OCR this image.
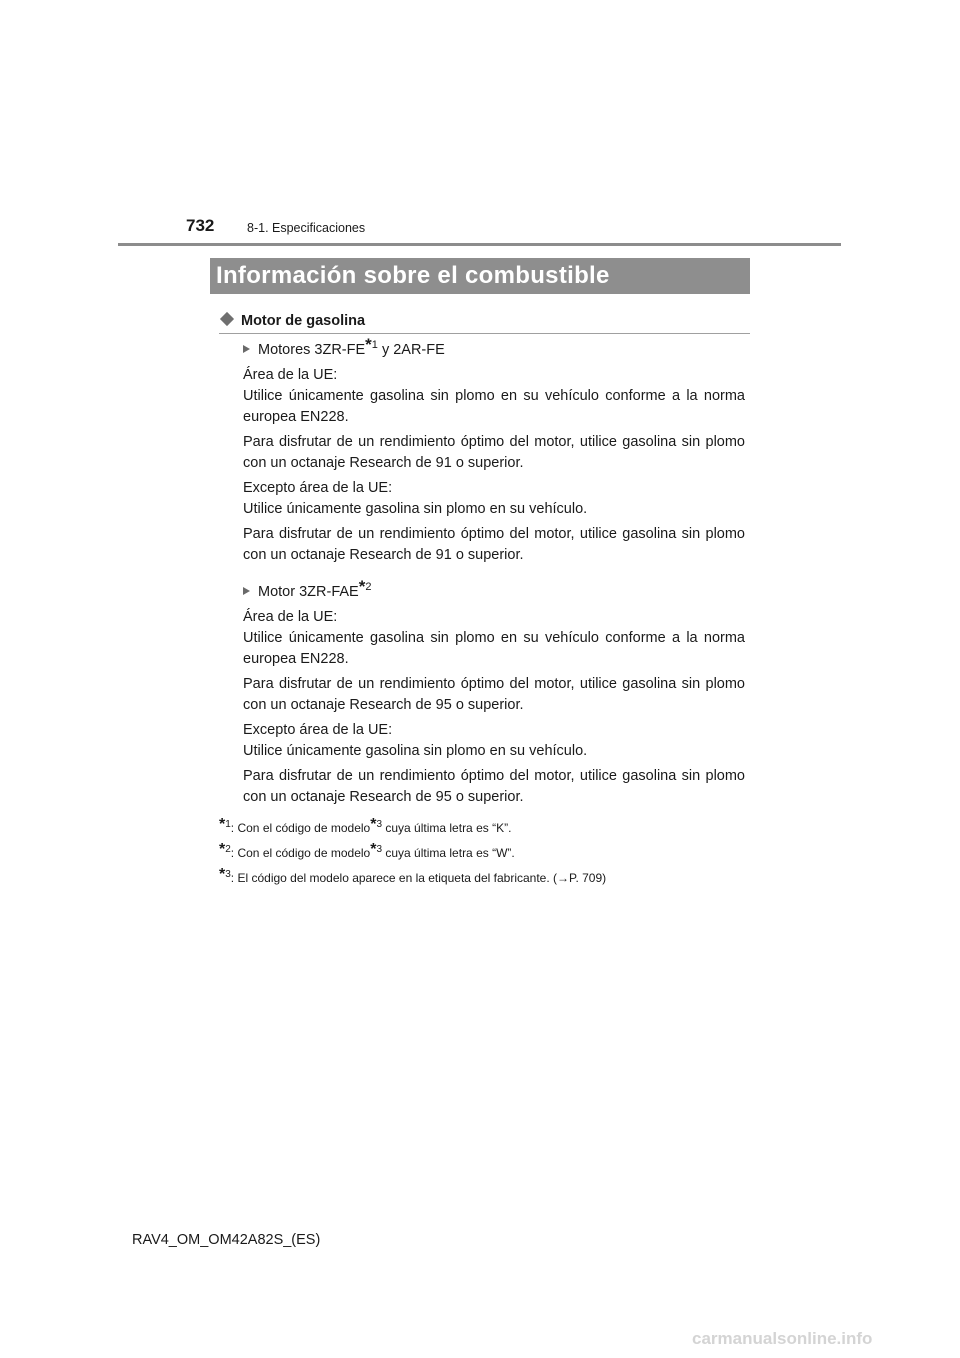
732	8-1. Especificaciones
Información sobre el combustible
Motor de gasolina

Motores 3ZR-FE*$^1$ y 2AR-FE

Área de la UE:
Utilice únicamente gasolina sin plomo en su vehículo conforme a la norma europea EN228.

Para disfrutar de un rendimiento óptimo del motor, utilice gasolina sin plomo con un octanaje Research de 91 o superior.

Excepto área de la UE:
Utilice únicamente gasolina sin plomo en su vehículo.

Para disfrutar de un rendimiento óptimo del motor, utilice gasolina sin plomo con un octanaje Research de 91 o superior.

Motor 3ZR-FAE*$^2$

Área de la UE:
Utilice únicamente gasolina sin plomo en su vehículo conforme a la norma europea EN228.

Para disfrutar de un rendimiento óptimo del motor, utilice gasolina sin plomo con un octanaje Research de 95 o superior.

Excepto área de la UE:
Utilice únicamente gasolina sin plomo en su vehículo.

Para disfrutar de un rendimiento óptimo del motor, utilice gasolina sin plomo con un octanaje Research de 95 o superior.

*$^1$: Con el código de modelo*$^3$ cuya última letra es “K”.

*$^2$: Con el código de modelo*$^3$ cuya última letra es “W”.

*$^3$: El código del modelo aparece en la etiqueta del fabricante. (→P. 709)

RAV4_OM_OM42A82S_(ES)
carmanualsonline.info
